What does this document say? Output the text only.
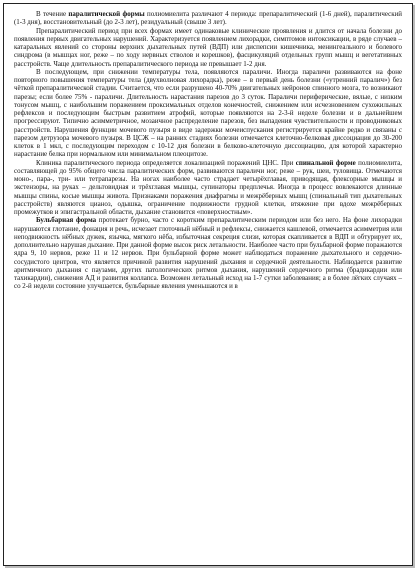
В течение паралитической формы полиомиелита различают 4 периода: препаралитический (1-6 дней), паралитический (1-3 дня), восстановительный (до 2-3 лет), резидуальный (свыше 3 лет).

Препаралитический период при всех формах имеет одинаковые клинические проявления и длится от начала болезни до появления первых двигательных нарушений. Характеризуется появлением лихорадки, симптомов интоксикации, в ряде случаев – катаральных явлений со стороны верхних дыхательных путей (ВДП) или диспепсии кишечника, менингеального и болевого синдрома (в мышцах ног, реже – по ходу нервных стволов и корешков), фасцикуляций отдельных групп мышц и вегетативных расстройств. Чаще длительность препаралитического периода не превышает 1-2 дня.

В последующем, при снижении температуры тела, появляются параличи. Иногда параличи развиваются на фоне повторного повышения температуры тела (двухволновая лихорадка), реже – в первый день болезни («утренний паралич») без чёткой препаралитической стадии. Считается, что если разрушено 40-70% двигательных нейронов спинного мозга, то возникают парезы; если более 75% - параличи. Длительность нарастания парезов до 3 суток. Параличи периферические, вялые, с низким тонусом мышц, с наибольшим поражением проксимальных отделов конечностей, снижением или исчезновением сухожильных рефлексов и последующим быстрым развитием атрофий, которые появляются на 2-3-й неделе болезни и в дальнейшем прогрессируют. Типично асимметричное, мозаичное распределение парезов, без выпадения чувствительности и проводниковых расстройств. Нарушения функции мочевого пузыря в виде задержки мочеиспускания регистрируется крайне редко и связаны с парезом детрузора мочевого пузыря. В ЦСЖ – на ранних стадиях болезни отмечается клеточно-белковая диссоциация до 30-200 клеток в 1 мкл, с последующим переходом с 10-12 дня болезни в белково-клеточную диссоциацию, для которой характерно нарастание белка при нормальном или минимальном плеоцитозе.

Клиника паралитического периода определяется локализацией поражений ЦНС. При спинальной форме полиомиелита, составляющей до 95% общего числа паралитических форм, развиваются параличи ног, реже – рук, шеи, туловища. Отмечаются моно-, пара-, три- или тетрапарезы. На ногах наиболее часто страдает четырёхглавая, приводящая, флексорные мышцы и экстензоры, на руках – дельтовидная и трёхглавая мышцы, супинаторы предплечья. Иногда в процесс вовлекаются длинные мышцы спины, косые мышцы живота. Признаками поражения диафрагмы и межрёберных мышц (спинальный тип дыхательных расстройств) являются цианоз, одышка, ограничение подвижности грудной клетки, втяжение при вдохе межрёберных промежутков и эпигастральной области, дыхание становится «поверхностным».

Бульбарная форма протекает бурно, часто с коротким препаралитическим периодом или без него. На фоне лихорадки нарушаются глотание, фонация и речь, исчезает глоточный нёбный и рефлексы, снижается кашлевой, отмечается асимметрия или неподвижность нёбных дужек, язычка, мягкого нёба, избыточная секреция слизи, которая скапливается в ВДП и обтурирует их, дополнительно нарушая дыхание. При данной форме высок риск летальности. Наиболее часто при бульбарной форме поражаются ядра 9, 10 нервов, реже 11 и 12 нервов. При бульбарной форме может наблюдаться поражение дыхательного и сердечно-сосудистого центров, что является причиной развития нарушений дыхания и сердечной деятельности. Наблюдается развитие аритмичного дыхания с паузами, других патологических ритмов дыхания, нарушений сердечного ритма (брадикардии или тахикардии), снижения АД и развития коллапса. Возможен летальный исход на 1-7 сутки заболевания; а в более лёгких случаях – со 2-й недели состояние улучшается, бульбарные явления уменьшаются и в
